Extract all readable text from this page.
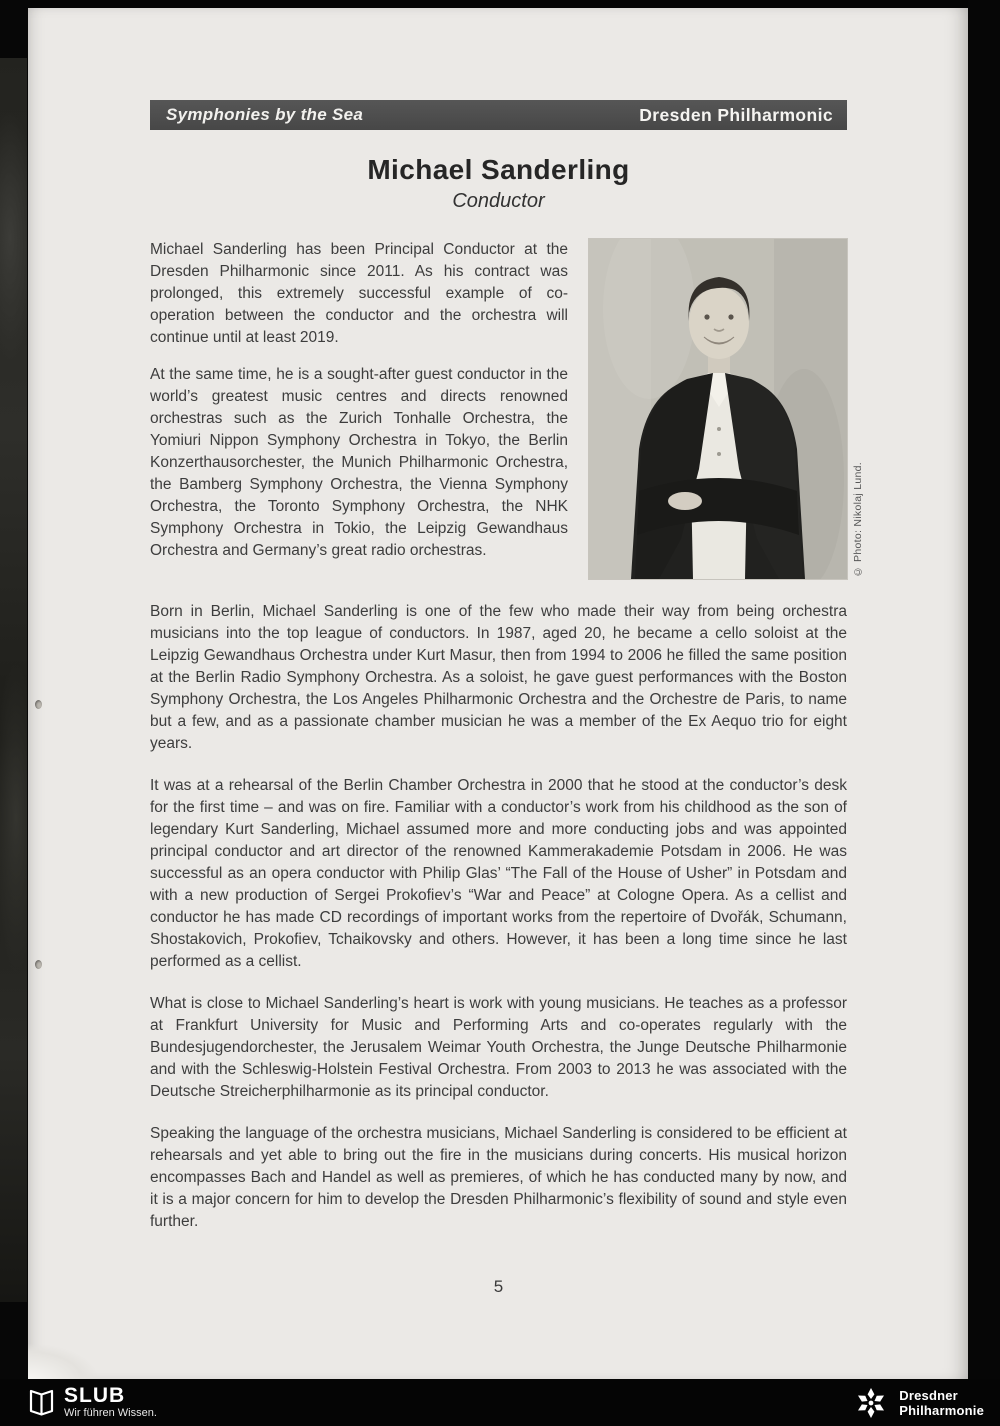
Symphonies by the Sea	Dresden Philharmonic
Michael Sanderling
Conductor

Michael Sanderling has been Principal Conductor at the Dresden Philharmonic since 2011. As his contract was prolonged, this extremely successful example of co-operation between the conductor and the orchestra will continue until at least 2019.

At the same time, he is a sought-after guest conductor in the world’s greatest music centres and directs renowned orchestras such as the Zurich Tonhalle Orchestra, the Yomiuri Nippon Symphony Orchestra in Tokyo, the Berlin Konzerthausorchester, the Munich Philharmonic Orchestra, the Bamberg Symphony Orchestra, the Vienna Symphony Orchestra, the Toronto Symphony Orchestra, the NHK Symphony Orchestra in Tokio, the Leipzig Gewandhaus Orchestra and Germany’s great radio orchestras.	© Photo: Nikolaj Lund.

Born in Berlin, Michael Sanderling is one of the few who made their way from being orchestra musicians into the top league of conductors. In 1987, aged 20, he became a cello soloist at the Leipzig Gewandhaus Orchestra under Kurt Masur, then from 1994 to 2006 he filled the same position at the Berlin Radio Symphony Orchestra. As a soloist, he gave guest performances with the Boston Symphony Orchestra, the Los Angeles Philharmonic Orchestra and the Orchestre de Paris, to name but a few, and as a passionate chamber musician he was a member of the Ex Aequo trio for eight years.

It was at a rehearsal of the Berlin Chamber Orchestra in 2000 that he stood at the conductor’s desk for the first time – and was on fire. Familiar with a conductor’s work from his childhood as the son of legendary Kurt Sanderling, Michael assumed more and more conducting jobs and was appointed principal conductor and art director of the renowned Kammerakademie Potsdam in 2006. He was successful as an opera conductor with Philip Glas’ “The Fall of the House of Usher” in Potsdam and with a new production of Sergei Prokofiev’s “War and Peace” at Cologne Opera. As a cellist and conductor he has made CD recordings of important works from the repertoire of Dvořák, Schumann, Shostakovich, Prokofiev, Tchaikovsky and others. However, it has been a long time since he last performed as a cellist.

What is close to Michael Sanderling’s heart is work with young musicians. He teaches as a professor at Frankfurt University for Music and Performing Arts and co-operates regularly with the Bundesjugendorchester, the Jerusalem Weimar Youth Orchestra, the Junge Deutsche Philharmonie and with the Schleswig-Holstein Festival Orchestra. From 2003 to 2013 he was associated with the Deutsche Streicherphilharmonie as its principal conductor.

Speaking the language of the orchestra musicians, Michael Sanderling is considered to be efficient at rehearsals and yet able to bring out the fire in the musicians during concerts. His musical horizon encompasses Bach and Handel as well as premieres, of which he has conducted many by now, and it is a major concern for him to develop the Dresden Philharmonic’s flexibility of sound and style even further.

5
SLUB
Wir führen Wissen.
Dresdner
Philharmonie
